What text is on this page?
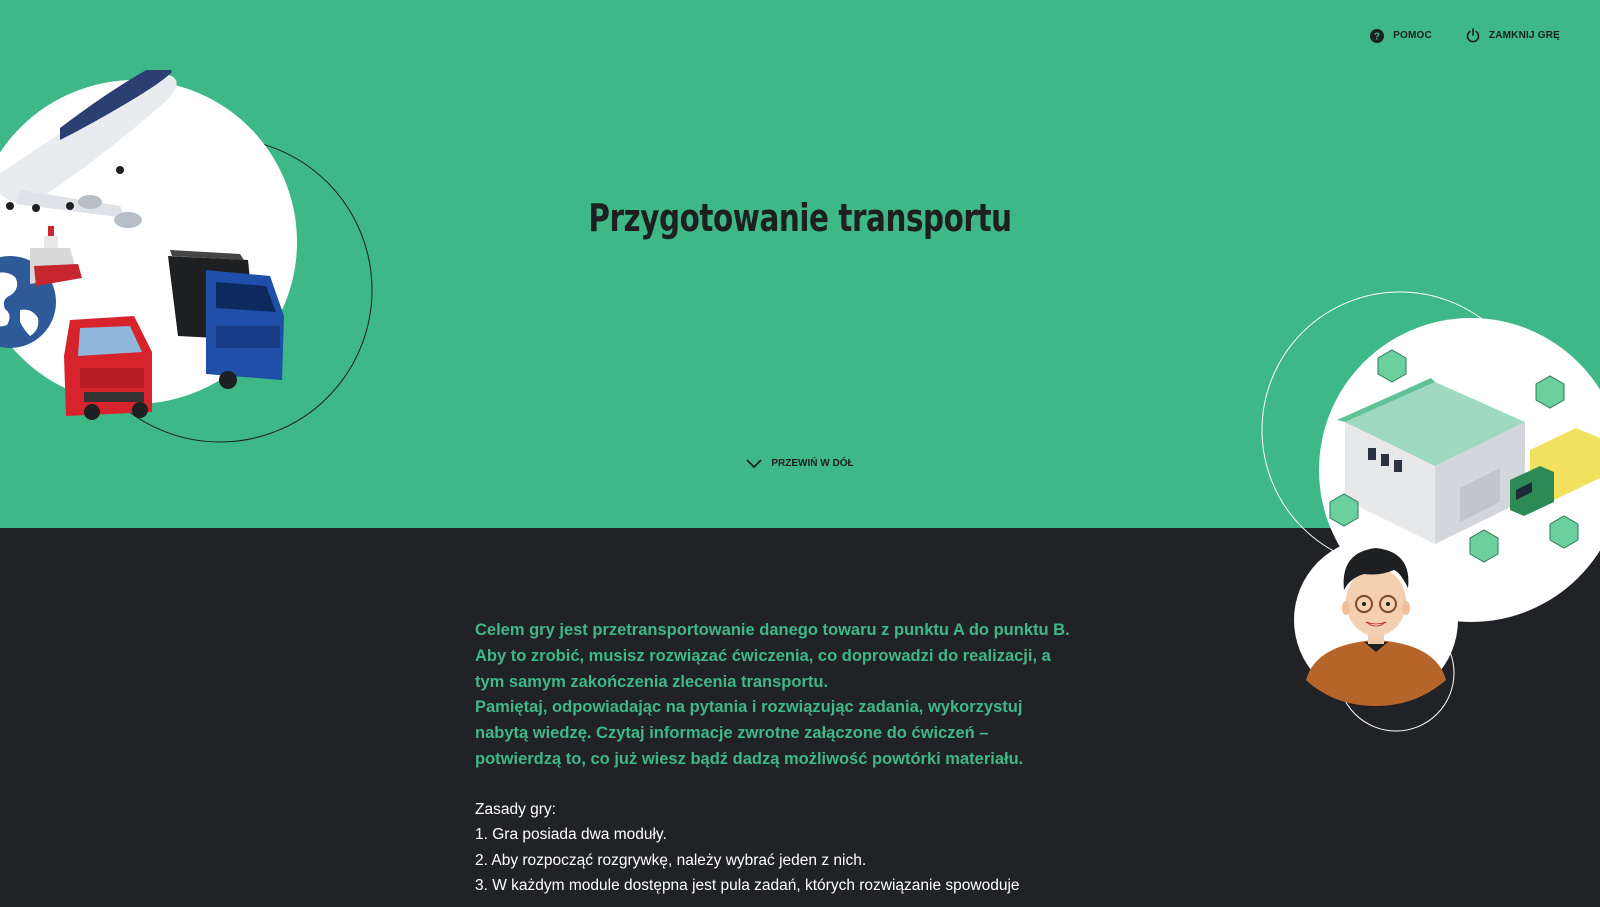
? POMOC	ZAMKNIJ GRĘ
Przygotowanie transportu
PRZEWIŃ W DÓŁ

Celem gry jest przetransportowanie danego towaru z punktu A do punktu B. Aby to zrobić, musisz rozwiązać ćwiczenia, co doprowadzi do realizacji, a tym samym zakończenia zlecenia transportu.

Pamiętaj, odpowiadając na pytania i rozwiązując zadania, wykorzystuj nabytą wiedzę. Czytaj informacje zwrotne załączone do ćwiczeń – potwierdzą to, co już wiesz bądź dadzą możliwość powtórki materiału.

Zasady gry:
1. Gra posiada dwa moduły.
2. Aby rozpocząć rozgrywkę, należy wybrać jeden z nich.
3. W każdym module dostępna jest pula zadań, których rozwiązanie spowoduje
